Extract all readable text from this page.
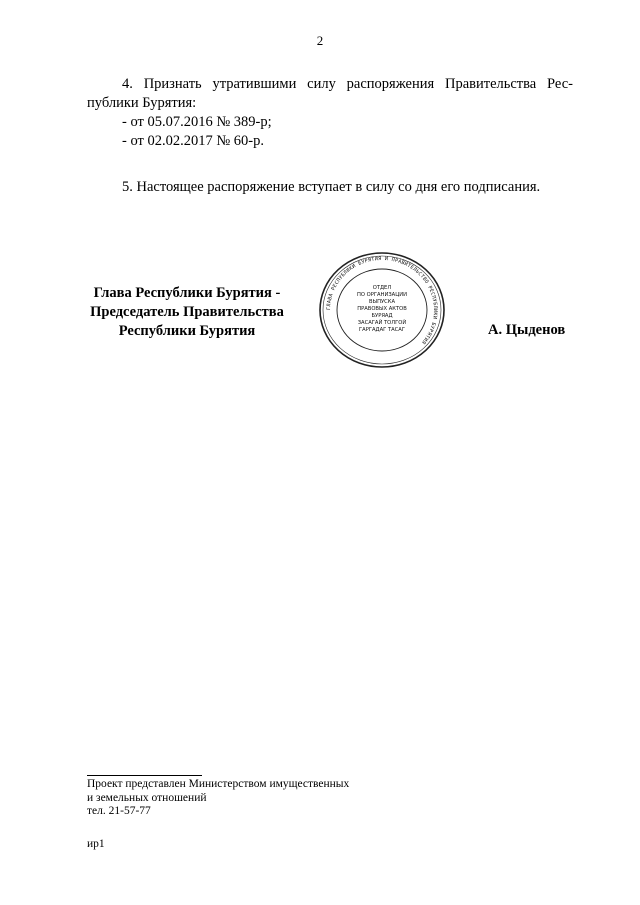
2

4. Признать утратившими силу распоряжения Правительства Рес-

публики Бурятия:

- от 05.07.2016 № 389-р;

- от 02.02.2017 № 60-р.

5. Настоящее распоряжение вступает в силу со дня его подписания.

Глава Республики Бурятия -
Председатель Правительства
Республики Бурятия
ГЛАВА РЕСПУБЛИКИ БУРЯТИЯ И ПРАВИТЕЛЬСТВО РЕСПУБЛИКИ БУРЯТИЯ
ОТДЕЛ
ПО ОРГАНИЗАЦИИ
ВЫПУСКА
ПРАВОВЫХ АКТОВ
БУРЯАД
ЗАСАГАЙ ТОЛГОЙ
ГАРГАДАГ ТАСАГ	А. Цыденов

Проект представлен Министерством имущественных

и земельных отношений

тел. 21-57-77

ир1
